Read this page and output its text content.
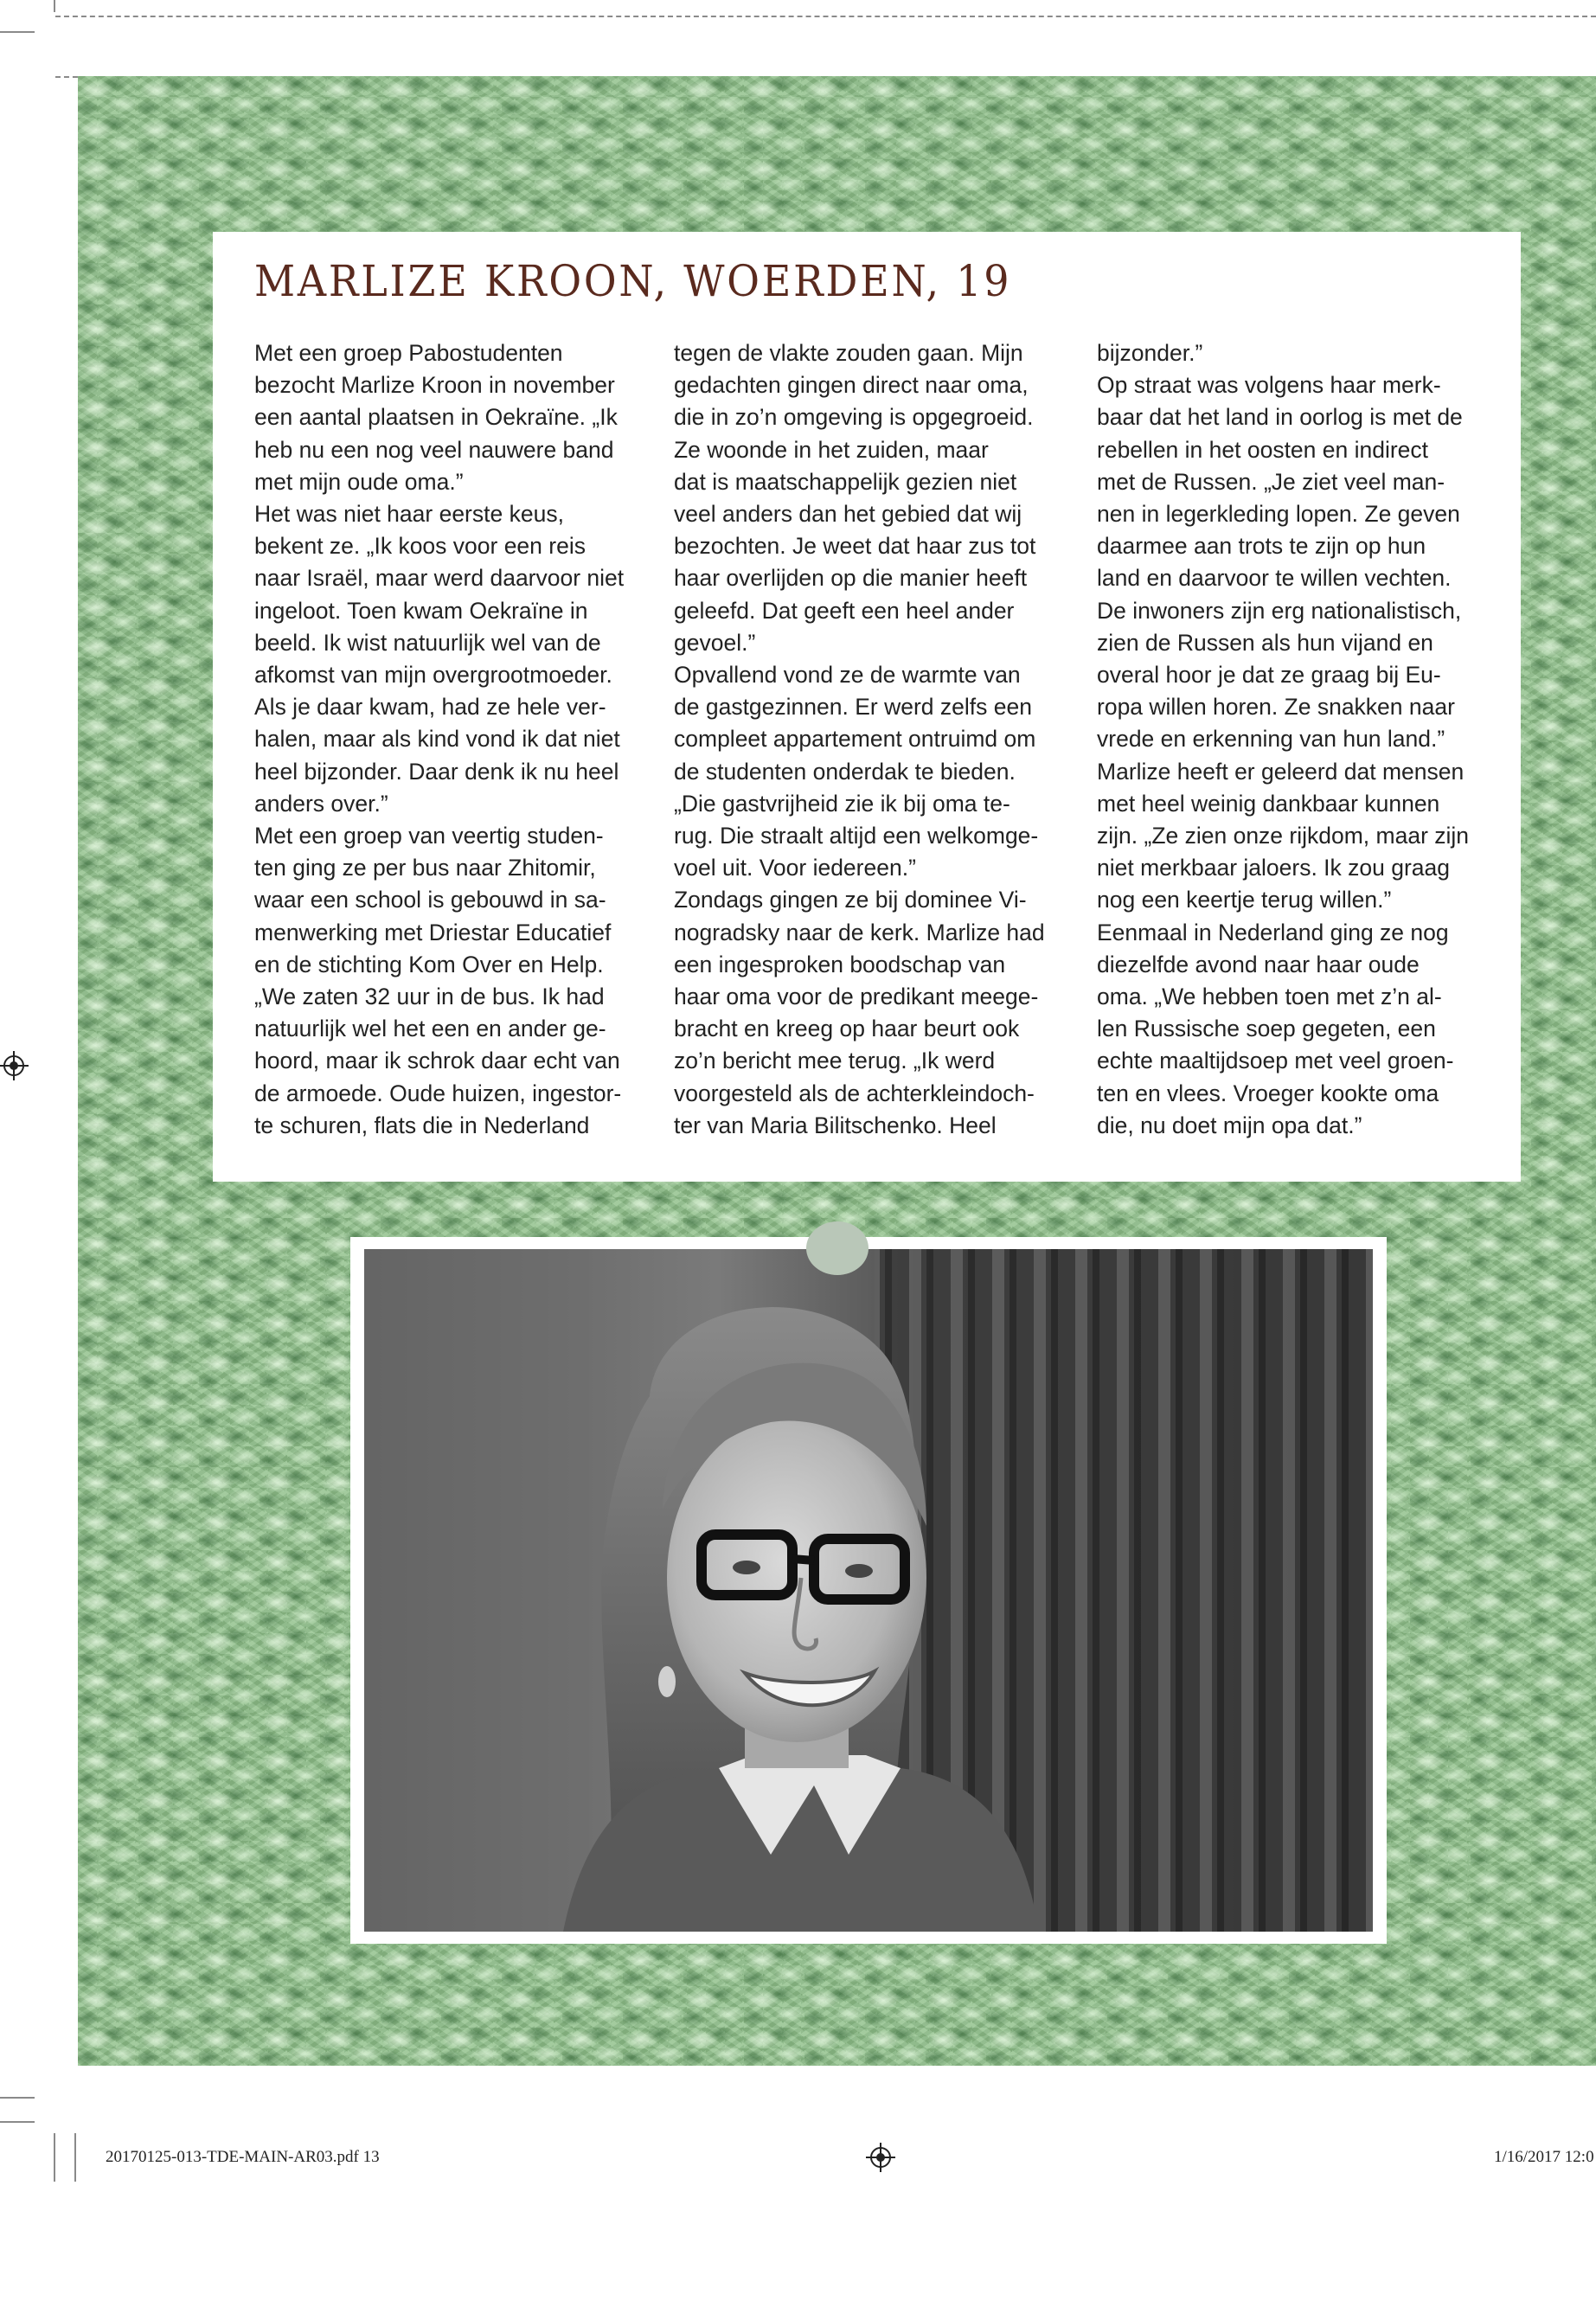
MARLIZE KROON, WOERDEN, 19
Met een groep Pabostudenten
bezocht Marlize Kroon in november
een aantal plaatsen in Oekraïne. „Ik
heb nu een nog veel nauwere band
met mijn oude oma.”
Het was niet haar eerste keus,
bekent ze. „Ik koos voor een reis
naar Israël, maar werd daarvoor niet
ingeloot. Toen kwam Oekraïne in
beeld. Ik wist natuurlijk wel van de
afkomst van mijn overgrootmoeder.
Als je daar kwam, had ze hele ver-
halen, maar als kind vond ik dat niet
heel bijzonder. Daar denk ik nu heel
anders over.”
Met een groep van veertig studen-
ten ging ze per bus naar Zhitomir,
waar een school is gebouwd in sa-
menwerking met Driestar Educatief
en de stichting Kom Over en Help.
„We zaten 32 uur in de bus. Ik had
natuurlijk wel het een en ander ge-
hoord, maar ik schrok daar echt van
de armoede. Oude huizen, ingestor-
te schuren, flats die in Nederland
tegen de vlakte zouden gaan. Mijn
gedachten gingen direct naar oma,
die in zo’n omgeving is opgegroeid.
Ze woonde in het zuiden, maar
dat is maatschappelijk gezien niet
veel anders dan het gebied dat wij
bezochten. Je weet dat haar zus tot
haar overlijden op die manier heeft
geleefd. Dat geeft een heel ander
gevoel.”
Opvallend vond ze de warmte van
de gastgezinnen. Er werd zelfs een
compleet appartement ontruimd om
de studenten onderdak te bieden.
„Die gastvrijheid zie ik bij oma te-
rug. Die straalt altijd een welkomge-
voel uit. Voor iedereen.”
Zondags gingen ze bij dominee Vi-
nogradsky naar de kerk. Marlize had
een ingesproken boodschap van
haar oma voor de predikant meege-
bracht en kreeg op haar beurt ook
zo’n bericht mee terug. „Ik werd
voorgesteld als de achterkleindoch-
ter van Maria Bilitschenko. Heel
bijzonder.”
Op straat was volgens haar merk-
baar dat het land in oorlog is met de
rebellen in het oosten en indirect
met de Russen. „Je ziet veel man-
nen in legerkleding lopen. Ze geven
daarmee aan trots te zijn op hun
land en daarvoor te willen vechten.
De inwoners zijn erg nationalistisch,
zien de Russen als hun vijand en
overal hoor je dat ze graag bij Eu-
ropa willen horen. Ze snakken naar
vrede en erkenning van hun land.”
Marlize heeft er geleerd dat mensen
met heel weinig dankbaar kunnen
zijn. „Ze zien onze rijkdom, maar zijn
niet merkbaar jaloers. Ik zou graag
nog een keertje terug willen.”
Eenmaal in Nederland ging ze nog
diezelfde avond naar haar oude
oma. „We hebben toen met z’n al-
len Russische soep gegeten, een
echte maaltijdsoep met veel groen-
ten en vlees. Vroeger kookte oma
die, nu doet mijn opa dat.”
20170125-013-TDE-MAIN-AR03.pdf 13	1/16/2017 12:0
